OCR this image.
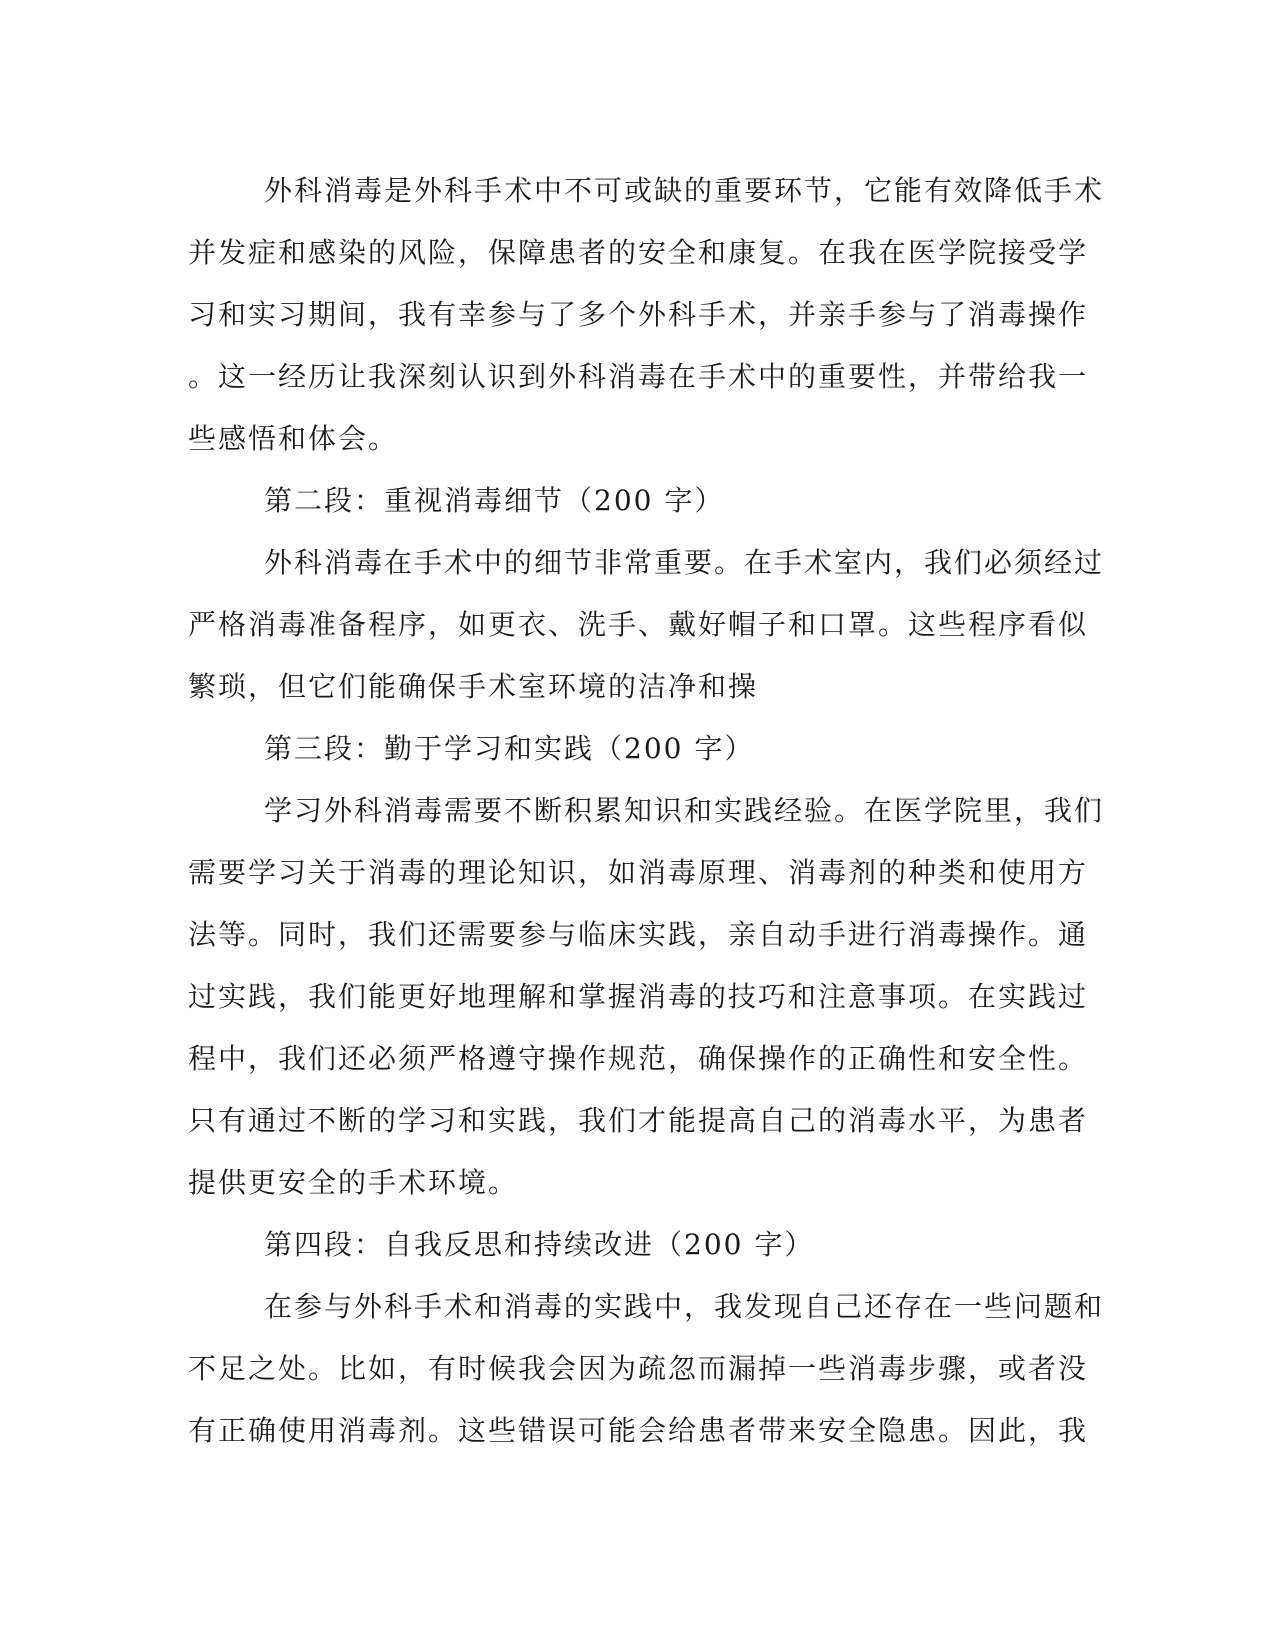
外科消毒是外科手术中不可或缺的重要环节，它能有效降低手术
并发症和感染的风险，保障患者的安全和康复。在我在医学院接受学
习和实习期间，我有幸参与了多个外科手术，并亲手参与了消毒操作
。这一经历让我深刻认识到外科消毒在手术中的重要性，并带给我一
些感悟和体会。
第二段：重视消毒细节（200 字）
外科消毒在手术中的细节非常重要。在手术室内，我们必须经过
严格消毒准备程序，如更衣、洗手、戴好帽子和口罩。这些程序看似
繁琐，但它们能确保手术室环境的洁净和操
第三段：勤于学习和实践（200 字）
学习外科消毒需要不断积累知识和实践经验。在医学院里，我们
需要学习关于消毒的理论知识，如消毒原理、消毒剂的种类和使用方
法等。同时，我们还需要参与临床实践，亲自动手进行消毒操作。通
过实践，我们能更好地理解和掌握消毒的技巧和注意事项。在实践过
程中，我们还必须严格遵守操作规范，确保操作的正确性和安全性。
只有通过不断的学习和实践，我们才能提高自己的消毒水平，为患者
提供更安全的手术环境。
第四段：自我反思和持续改进（200 字）
在参与外科手术和消毒的实践中，我发现自己还存在一些问题和
不足之处。比如，有时候我会因为疏忽而漏掉一些消毒步骤，或者没
有正确使用消毒剂。这些错误可能会给患者带来安全隐患。因此，我
